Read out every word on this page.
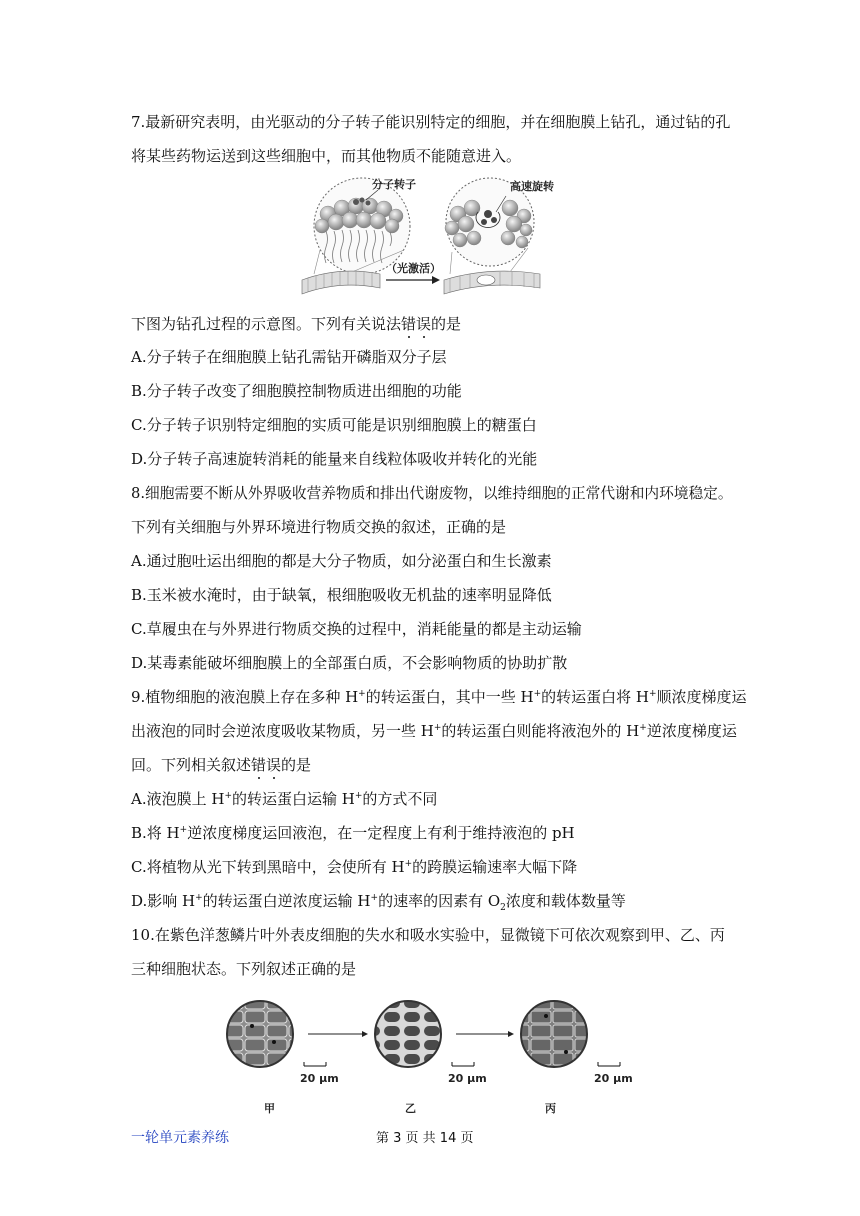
7.最新研究表明，由光驱动的分子转子能识别特定的细胞，并在细胞膜上钻孔，通过钻的孔
将某些药物运送到这些细胞中，而其他物质不能随意进入。
分子转子	高速旋转
（光激活）
下图为钻孔过程的示意图。下列有关说法错误的是
A.分子转子在细胞膜上钻孔需钻开磷脂双分子层
B.分子转子改变了细胞膜控制物质进出细胞的功能
C.分子转子识别特定细胞的实质可能是识别细胞膜上的糖蛋白
D.分子转子高速旋转消耗的能量来自线粒体吸收并转化的光能
8.细胞需要不断从外界吸收营养物质和排出代谢废物，以维持细胞的正常代谢和内环境稳定。
下列有关细胞与外界环境进行物质交换的叙述，正确的是
A.通过胞吐运出细胞的都是大分子物质，如分泌蛋白和生长激素
B.玉米被水淹时，由于缺氧，根细胞吸收无机盐的速率明显降低
C.草履虫在与外界进行物质交换的过程中，消耗能量的都是主动运输
D.某毒素能破坏细胞膜上的全部蛋白质，不会影响物质的协助扩散
9.植物细胞的液泡膜上存在多种 H+的转运蛋白，其中一些 H+的转运蛋白将 H+顺浓度梯度运
出液泡的同时会逆浓度吸收某物质，另一些 H+的转运蛋白则能将液泡外的 H+逆浓度梯度运
回。下列相关叙述错误的是
A.液泡膜上 H+的转运蛋白运输 H+的方式不同
B.将 H+逆浓度梯度运回液泡，在一定程度上有利于维持液泡的 pH
C.将植物从光下转到黑暗中，会使所有 H+的跨膜运输速率大幅下降
D.影响 H+的转运蛋白逆浓度运输 H+的速率的因素有 $O_2$浓度和载体数量等
10.在紫色洋葱鳞片叶外表皮细胞的失水和吸水实验中，显微镜下可依次观察到甲、乙、丙
三种细胞状态。下列叙述正确的是
20 μm
甲
20 μm
乙
20 μm
丙
一轮单元素养练	第 3 页 共 14 页
